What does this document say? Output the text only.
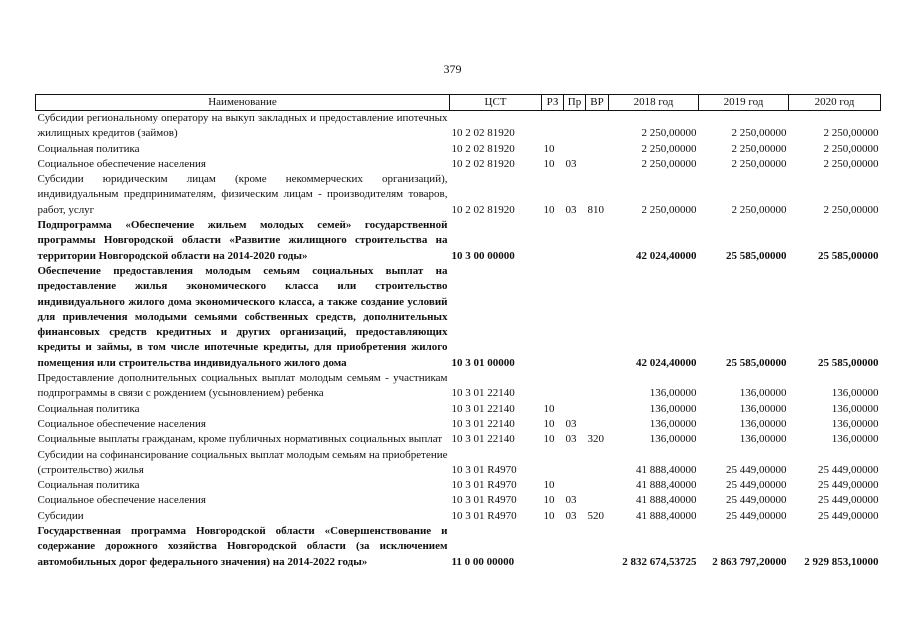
379
Наименование	ЦСТ	РЗ	Пр	ВР	2018 год	2019 год	2020 год
Субсидии региональному оператору на выкуп закладных и предоставление ипотечных жилищных кредитов (займов)	10 2 02 81920				2 250,00000	2 250,00000	2 250,00000
Социальная политика	10 2 02 81920	10			2 250,00000	2 250,00000	2 250,00000
Социальное обеспечение населения	10 2 02 81920	10	03		2 250,00000	2 250,00000	2 250,00000
Субсидии юридическим лицам (кроме некоммерческих организаций), индивидуальным предпринимателям, физическим лицам - производителям товаров, работ, услуг	10 2 02 81920	10	03	810	2 250,00000	2 250,00000	2 250,00000
Подпрограмма «Обеспечение жильем молодых семей» государственной программы Новгородской области «Развитие жилищного строительства на территории Новгородской области на 2014-2020 годы»	10 3 00 00000				42 024,40000	25 585,00000	25 585,00000
Обеспечение предоставления молодым семьям социальных выплат на предоставление жилья экономического класса или строительство индивидуального жилого дома экономического класса, а также создание условий для привлечения молодыми семьями собственных средств, дополнительных финансовых средств кредитных и других организаций, предоставляющих кредиты и займы, в том числе ипотечные кредиты, для приобретения жилого помещения или строительства индивидуального жилого дома	10 3 01 00000				42 024,40000	25 585,00000	25 585,00000
Предоставление дополнительных социальных выплат молодым семьям - участникам подпрограммы в связи с рождением (усыновлением) ребенка	10 3 01 22140				136,00000	136,00000	136,00000
Социальная политика	10 3 01 22140	10			136,00000	136,00000	136,00000
Социальное обеспечение населения	10 3 01 22140	10	03		136,00000	136,00000	136,00000
Социальные выплаты гражданам, кроме публичных нормативных социальных выплат	10 3 01 22140	10	03	320	136,00000	136,00000	136,00000
Субсидии на софинансирование социальных выплат молодым семьям на приобретение (строительство) жилья	10 3 01 R4970				41 888,40000	25 449,00000	25 449,00000
Социальная политика	10 3 01 R4970	10			41 888,40000	25 449,00000	25 449,00000
Социальное обеспечение населения	10 3 01 R4970	10	03		41 888,40000	25 449,00000	25 449,00000
Субсидии	10 3 01 R4970	10	03	520	41 888,40000	25 449,00000	25 449,00000
Государственная программа Новгородской области «Совершенствование и содержание дорожного хозяйства Новгородской области (за исключением автомобильных дорог федерального значения) на 2014-2022 годы»	11 0 00 00000				2 832 674,53725	2 863 797,20000	2 929 853,10000
